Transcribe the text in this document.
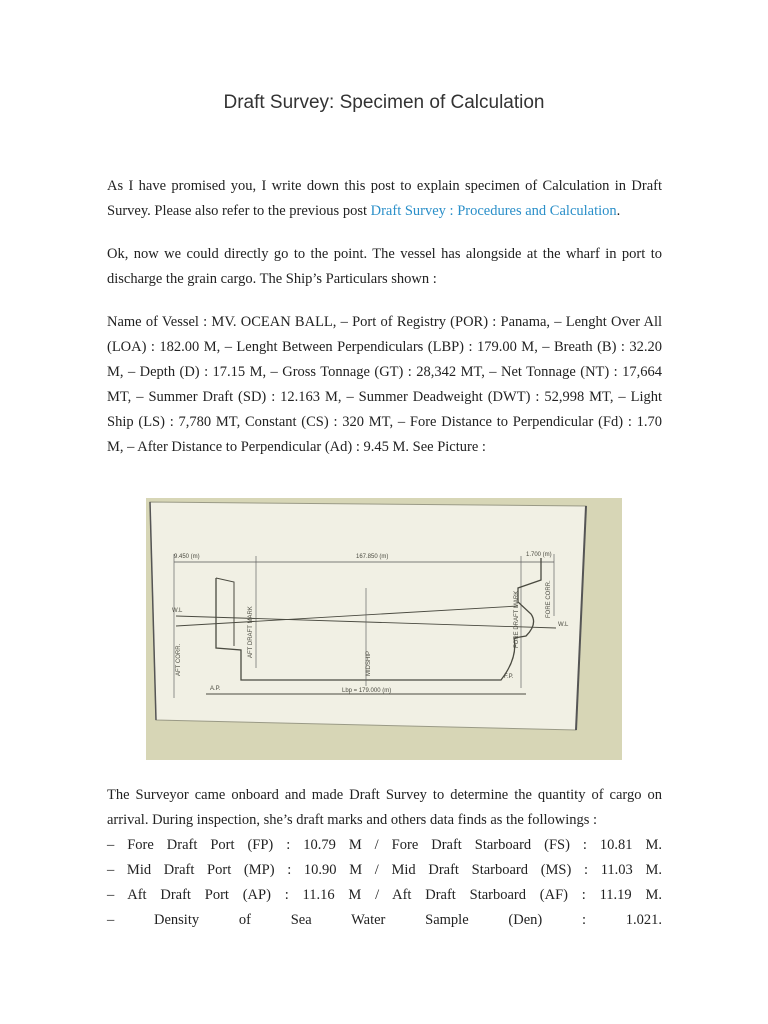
Draft Survey: Specimen of Calculation

As I have promised you, I write down this post to explain specimen of Calculation in Draft Survey. Please also refer to the previous post Draft Survey : Procedures and Calculation.

Ok, now we could directly go to the point. The vessel has alongside at the wharf in port to discharge the grain cargo. The Ship’s Particulars shown :

Name of Vessel : MV. OCEAN BALL, – Port of Registry (POR) : Panama, – Lenght Over All (LOA) : 182.00 M, – Lenght Between Perpendiculars (LBP) : 179.00 M, – Breath (B) : 32.20 M, – Depth (D) : 17.15 M, – Gross Tonnage (GT) : 28,342 MT, – Net Tonnage (NT) : 17,664 MT, – Summer Draft (SD) : 12.163 M, – Summer Deadweight (DWT) : 52,998 MT, – Light Ship (LS) : 7,780 MT, Constant (CS) : 320 MT, – Fore Distance to Perpendicular (Fd) : 1.70 M, – After Distance to Perpendicular (Ad) : 9.45 M. See Picture :

9.450 (m)	167.850 (m)	1.700 (m)
W.L
W.L
AFT CORR.
AFT DRAFT MARK	FORE DRAFT MARK	FORE CORR.
MIDSHIP
A.P.
F.P.
Lbp = 179.000 (m)
The Surveyor came onboard and made Draft Survey to determine the quantity of cargo on arrival. During inspection, she’s draft marks and others data finds as the followings :
– Fore Draft Port (FP) : 10.79 M / Fore Draft Starboard (FS) : 10.81 M.
– Mid Draft Port (MP) : 10.90 M / Mid Draft Starboard (MS) : 11.03 M.
– Aft Draft Port (AP) : 11.16 M / Aft Draft Starboard (AF) : 11.19 M.
– Density of Sea Water Sample (Den) : 1.021.
